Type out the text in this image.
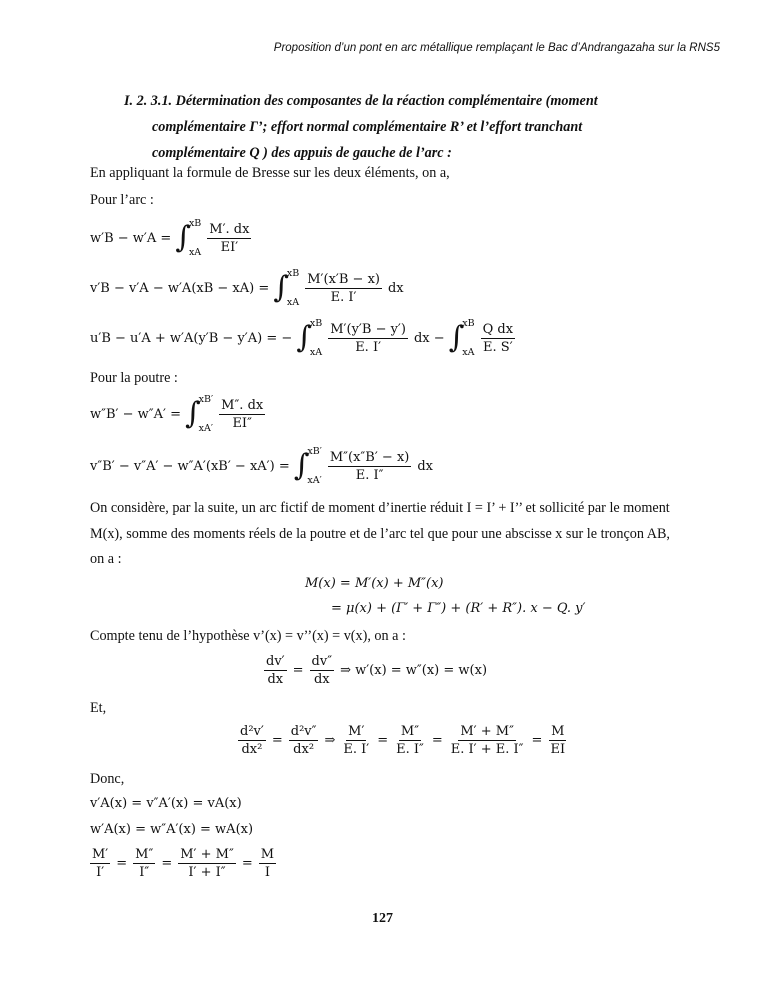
Proposition d’un pont en arc métallique remplaçant le Bac d’Andrangazaha sur la RNS5
I. 2. 3.1. Détermination des composantes de la réaction complémentaire (moment
complémentaire Γ’; effort normal complémentaire R’ et l’effort tranchant
complémentaire Q ) des appuis de gauche de l’arc :
En appliquant la formule de Bresse sur les deux éléments, on a,
Pour l’arc :
w′B − w′A = ∫
xB
xA $\frac{M'. dx}{EI'}$
v′B − v′A − w′A(xB − xA) = ∫
xB
xA $\frac{M'(x'B - x)}{E. I'}$ dx
u′B − u′A + w′A(y′B − y′A) = − ∫
xB
xA $\frac{M'(y'B - y')}{E. I'}$ dx − ∫
xB
xA $\frac{\text{Q dx}}{E. S'}$
Pour la poutre :
w″B′ − w″A′ = ∫
xB′
$xA' \frac{M''. dx}{EI''}$
v″B′ − v″A′ − w″A′(xB′ − xA′) = ∫
xB′
$xA' \frac{M''(x''B' - x)}{E. I''}$ dx
On considère, par la suite, un arc fictif de moment d’inertie réduit I = I’ + I’’ et sollicité par le moment M(x), somme des moments réels de la poutre et de l’arc tel que pour une abscisse x sur le tronçon AB, on a :
M(x) = M′(x) + M″(x)
= μ(x) + (Γ′ + Γ″) + (R′ + R″). x − Q. y′
Compte tenu de l’hypothèse v’(x) = v’’(x) = v(x), on a :
$\frac{dv'}{dx} = \frac{dv''}{dx}$ ⇒ w′(x) = w″(x) = w(x)
Et,
$\frac{\text{d²v′}}{\text{dx²}} = \frac{\text{d²v″}}{\text{dx²}}$ ⇒ $\frac{M'}{E. I'} = \frac{M''}{E. I''} = \frac{M' + M''}{E. I' + E. I''} = \frac{M}{EI}$
Donc,
v′A(x) = v″A′(x) = vA(x)
w′A(x) = w″A′(x) = wA(x)
$\frac{M'}{I'} = \frac{M''}{I''} = \frac{M' + M''}{I' + I''} = \frac{M}{I}$
127
